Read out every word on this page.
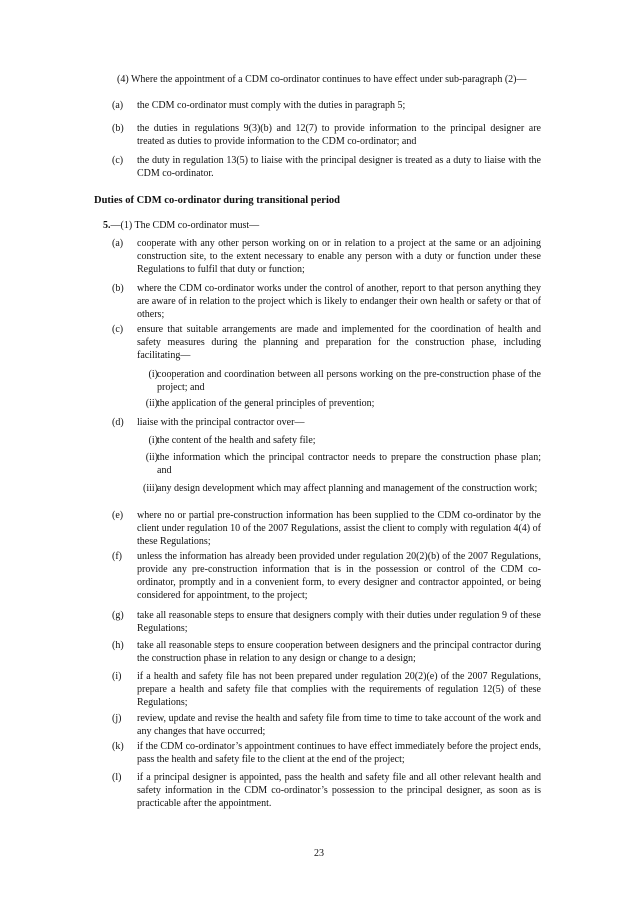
(4) Where the appointment of a CDM co-ordinator continues to have effect under sub-paragraph (2)—

(a)	the CDM co-ordinator must comply with the duties in paragraph 5;
(b)	the duties in regulations 9(3)(b) and 12(7) to provide information to the principal designer are treated as duties to provide information to the CDM co-ordinator; and
(c)	the duty in regulation 13(5) to liaise with the principal designer is treated as a duty to liaise with the CDM co-ordinator.
Duties of CDM co-ordinator during transitional period

5.—(1) The CDM co-ordinator must—

(a)	cooperate with any other person working on or in relation to a project at the same or an adjoining construction site, to the extent necessary to enable any person with a duty or function under these Regulations to fulfil that duty or function;
(b)	where the CDM co-ordinator works under the control of another, report to that person anything they are aware of in relation to the project which is likely to endanger their own health or safety or that of others;
(c)	ensure that suitable arrangements are made and implemented for the coordination of health and safety measures during the planning and preparation for the construction phase, including facilitating—
(i) cooperation and coordination between all persons working on the pre-construction phase of the project; and
(ii) the application of the general principles of prevention;
(d)	liaise with the principal contractor over—
(i) the content of the health and safety file;
(ii) the information which the principal contractor needs to prepare the construction phase plan; and
(iii) any design development which may affect planning and management of the construction work;
(e)	where no or partial pre-construction information has been supplied to the CDM co-ordinator by the client under regulation 10 of the 2007 Regulations, assist the client to comply with regulation 4(4) of these Regulations;
(f)	unless the information has already been provided under regulation 20(2)(b) of the 2007 Regulations, provide any pre-construction information that is in the possession or control of the CDM co-ordinator, promptly and in a convenient form, to every designer and contractor appointed, or being considered for appointment, to the project;
(g)	take all reasonable steps to ensure that designers comply with their duties under regulation 9 of these Regulations;
(h)	take all reasonable steps to ensure cooperation between designers and the principal contractor during the construction phase in relation to any design or change to a design;
(i)	if a health and safety file has not been prepared under regulation 20(2)(e) of the 2007 Regulations, prepare a health and safety file that complies with the requirements of regulation 12(5) of these Regulations;
(j)	review, update and revise the health and safety file from time to time to take account of the work and any changes that have occurred;
(k)	if the CDM co-ordinator’s appointment continues to have effect immediately before the project ends, pass the health and safety file to the client at the end of the project;
(l)	if a principal designer is appointed, pass the health and safety file and all other relevant health and safety information in the CDM co-ordinator’s possession to the principal designer, as soon as is practicable after the appointment.
23
